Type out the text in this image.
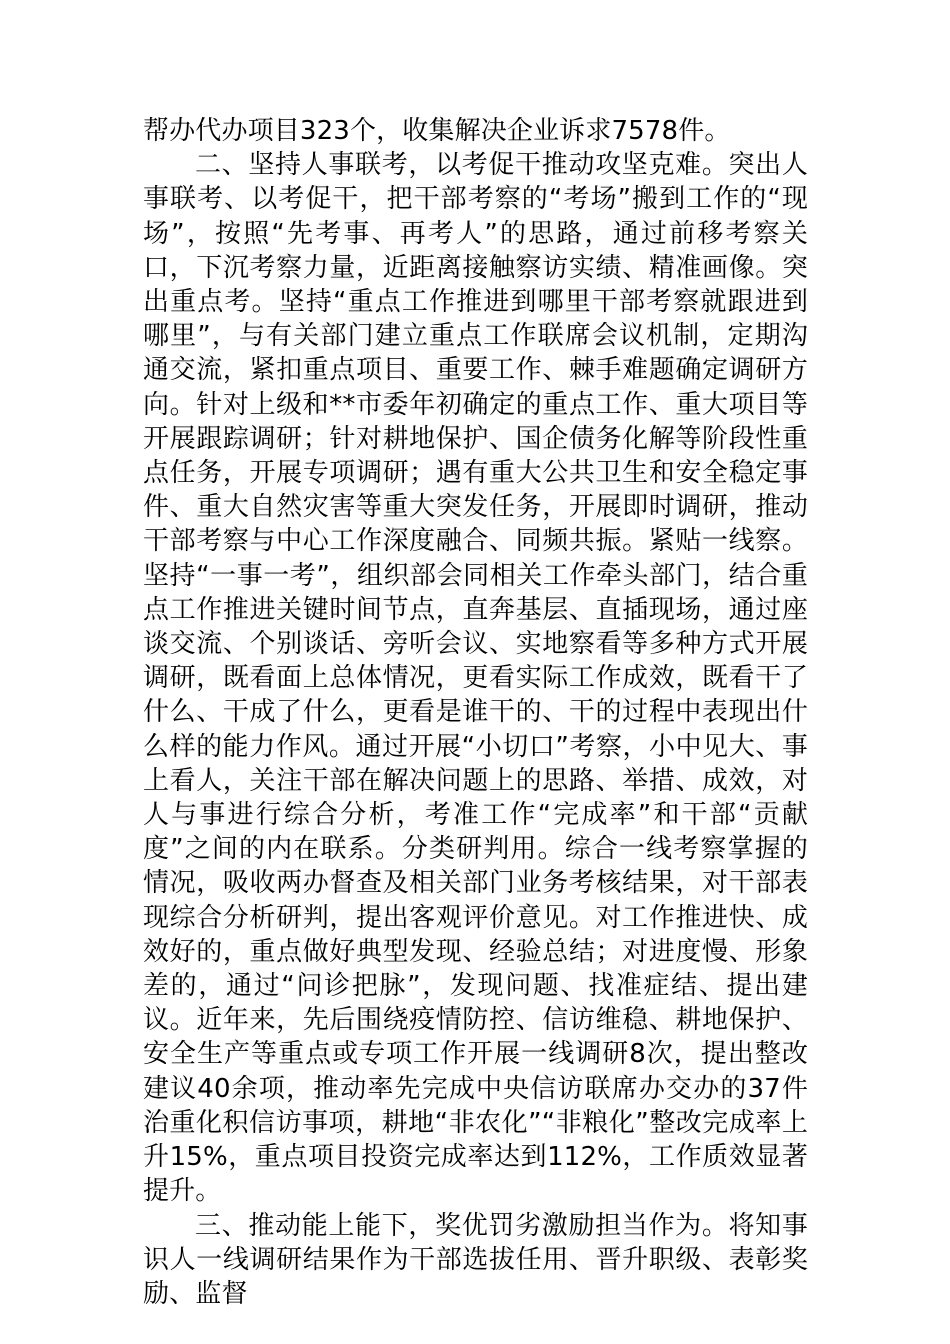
帮办代办项目323个，收集解决企业诉求7578件。

二、坚持人事联考，以考促干推动攻坚克难。突出人事联考、以考促干，把干部考察的“考场”搬到工作的“现场”，按照“先考事、再考人”的思路，通过前移考察关口，下沉考察力量，近距离接触察访实绩、精准画像。突出重点考。坚持“重点工作推进到哪里干部考察就跟进到哪里”，与有关部门建立重点工作联席会议机制，定期沟通交流，紧扣重点项目、重要工作、棘手难题确定调研方向。针对上级和**市委年初确定的重点工作、重大项目等开展跟踪调研；针对耕地保护、国企债务化解等阶段性重点任务，开展专项调研；遇有重大公共卫生和安全稳定事件、重大自然灾害等重大突发任务，开展即时调研，推动干部考察与中心工作深度融合、同频共振。紧贴一线察。坚持“一事一考”，组织部会同相关工作牵头部门，结合重点工作推进关键时间节点，直奔基层、直插现场，通过座谈交流、个别谈话、旁听会议、实地察看等多种方式开展调研，既看面上总体情况，更看实际工作成效，既看干了什么、干成了什么，更看是谁干的、干的过程中表现出什么样的能力作风。通过开展“小切口”考察，小中见大、事上看人，关注干部在解决问题上的思路、举措、成效，对人与事进行综合分析，考准工作“完成率”和干部“贡献度”之间的内在联系。分类研判用。综合一线考察掌握的情况，吸收两办督查及相关部门业务考核结果，对干部表现综合分析研判，提出客观评价意见。对工作推进快、成效好的，重点做好典型发现、经验总结；对进度慢、形象差的，通过“问诊把脉”，发现问题、找准症结、提出建议。近年来，先后围绕疫情防控、信访维稳、耕地保护、安全生产等重点或专项工作开展一线调研8次，提出整改建议40余项，推动率先完成中央信访联席办交办的37件治重化积信访事项，耕地“非农化”“非粮化”整改完成率上升15%，重点项目投资完成率达到112%，工作质效显著提升。

三、推动能上能下，奖优罚劣激励担当作为。将知事识人一线调研结果作为干部选拔任用、晋升职级、表彰奖励、监督
